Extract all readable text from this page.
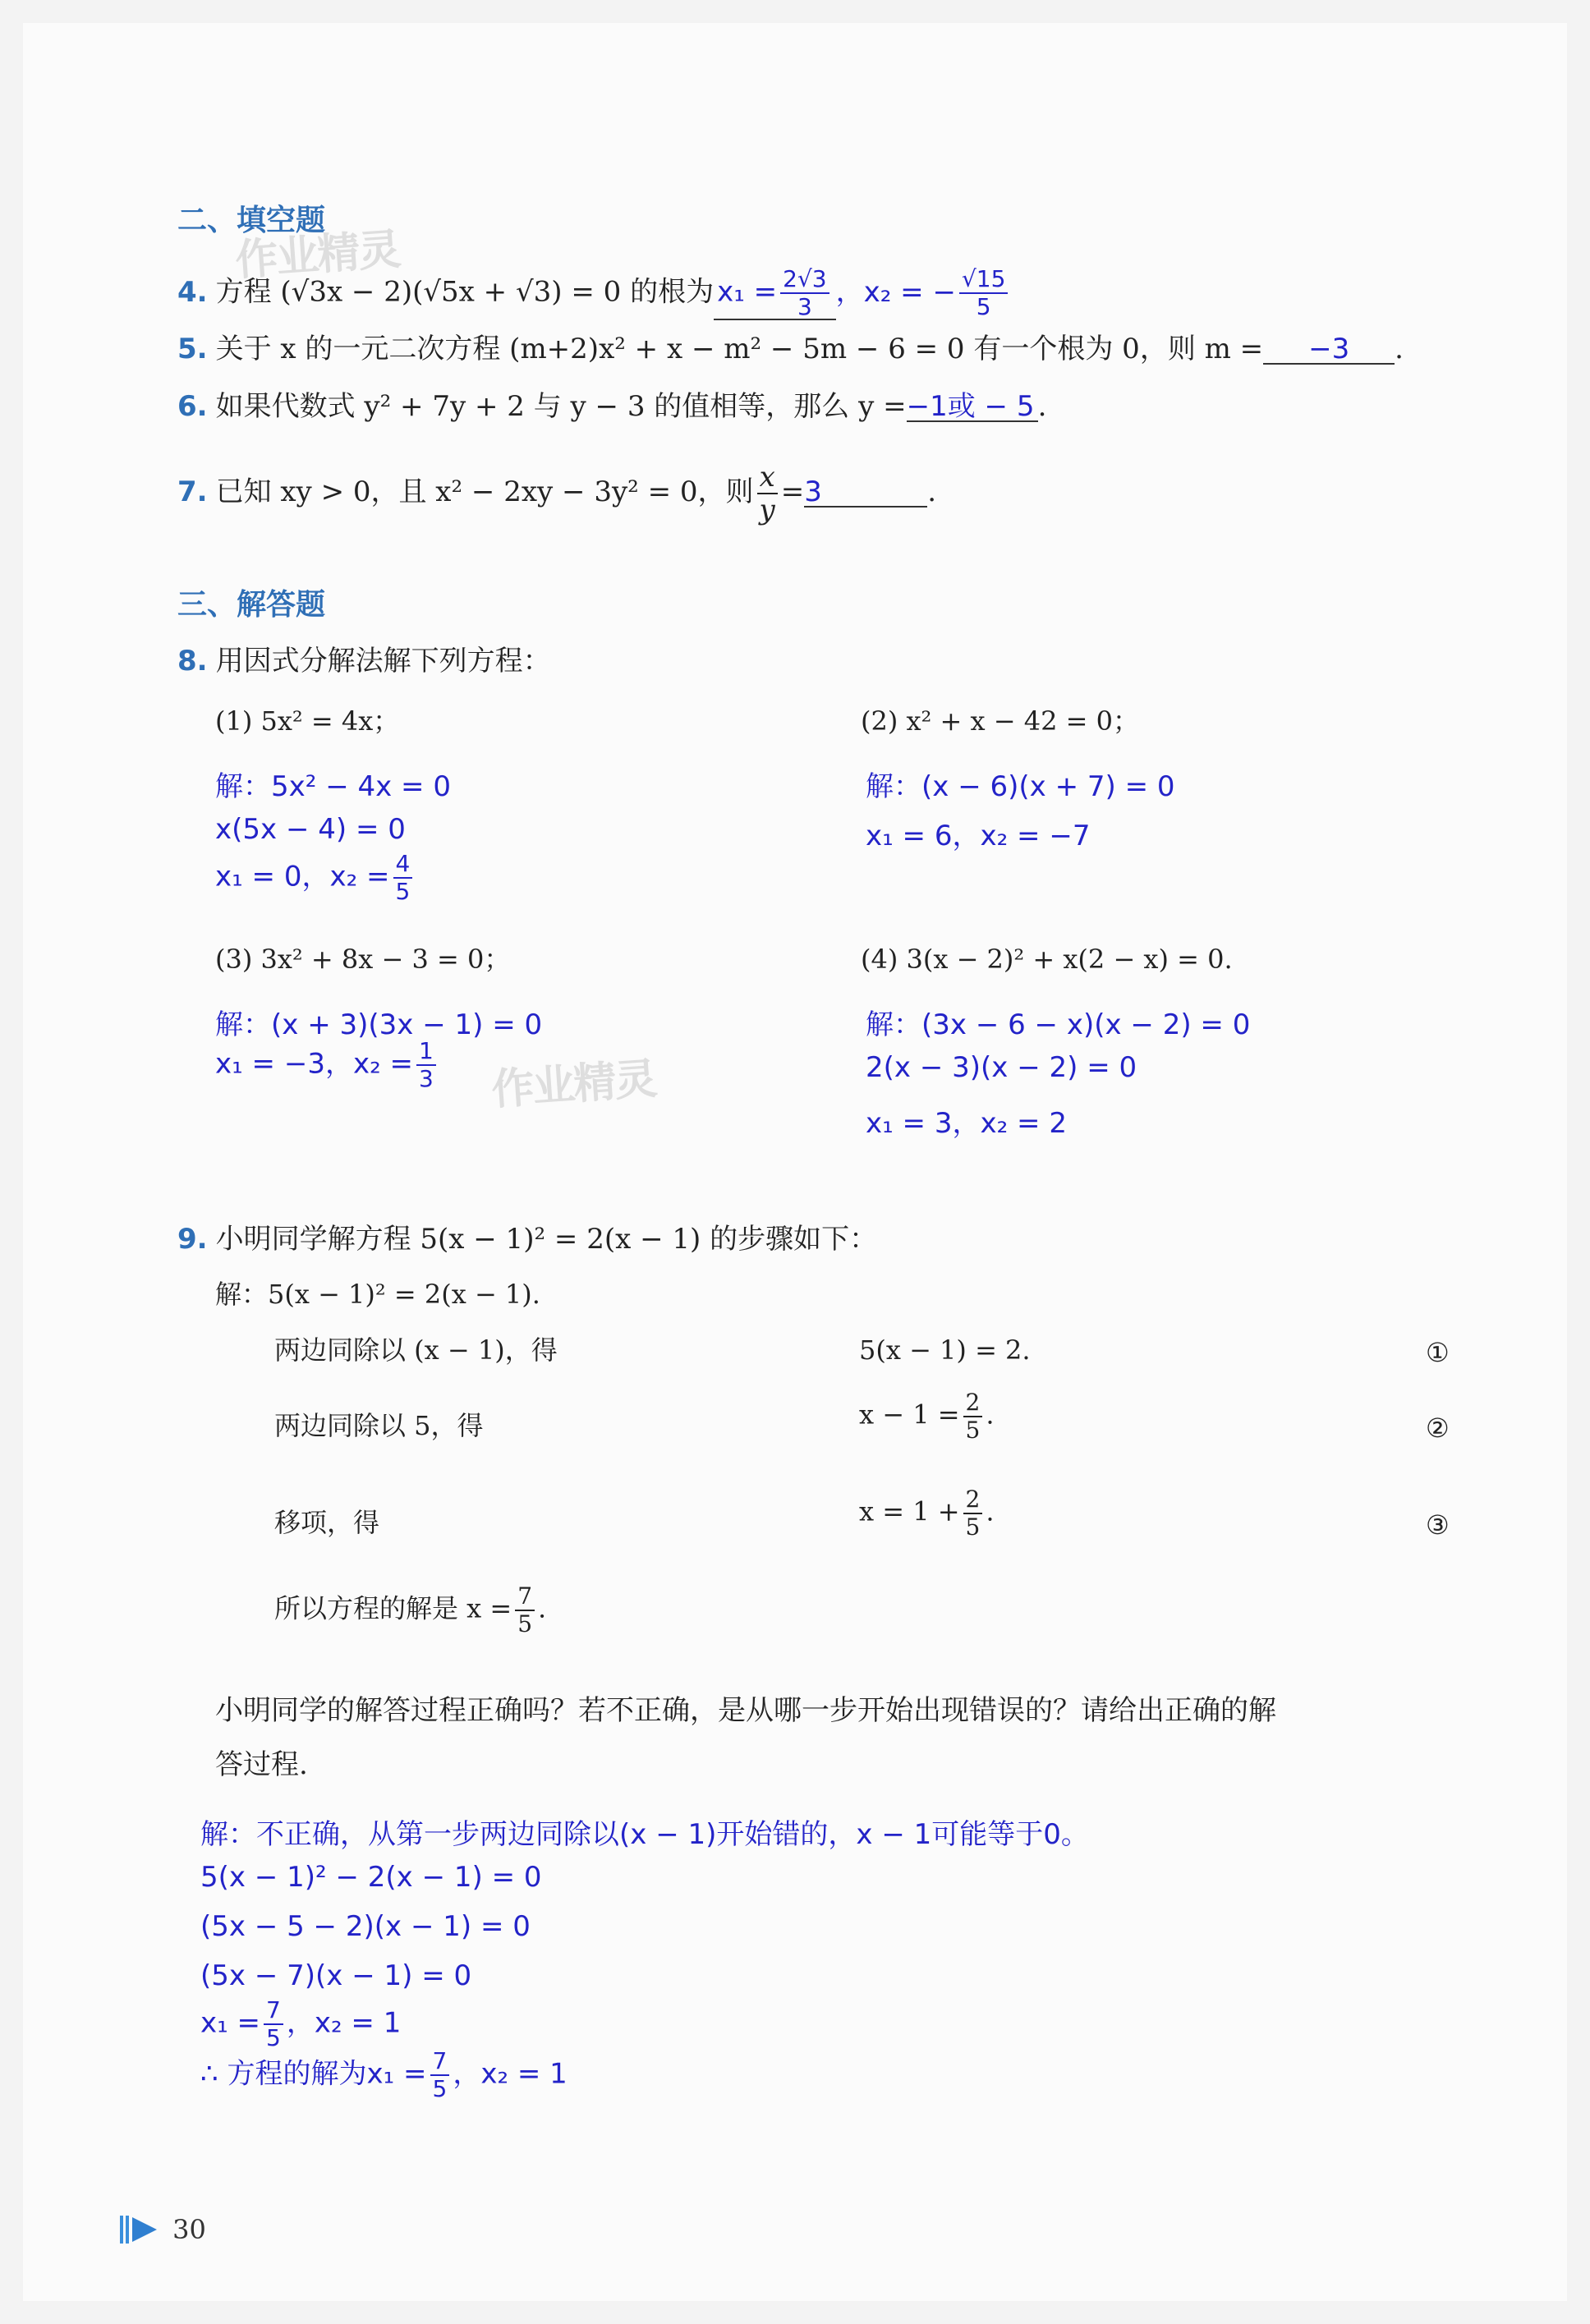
二、填空题
作业精灵
4. 方程 (√3x − 2)(√5x + √3) = 0 的根为 $x_1 = \frac{2√3}{3}$ ，x₂ = − $\frac{√15}{5}$
5. 关于 x 的一元二次方程 (m+2)x² + x − m² − 5m − 6 = 0 有一个根为 0，则 m = −3 .
6. 如果代数式 y² + 7y + 2 与 y − 3 的值相等，那么 y =−1或 − 5 .
7. 已知 xy > 0，且 x² − 2xy − 3y² = 0，则 $\frac{x}{y} =3$	.
三、解答题
8. 用因式分解法解下列方程：
(1) 5x² = 4x；
解：5x² − 4x = 0
x(5x − 4) = 0
x₁ = 0，$x_2 = \frac{4}{5}$
(2) x² + x − 42 = 0；
解：(x − 6)(x + 7) = 0
x₁ = 6，x₂ = −7
(3) 3x² + 8x − 3 = 0；
解：(x + 3)(3x − 1) = 0
x₁ = −3，$x_2 = \frac{1}{3}$ 作业精灵
(4) 3(x − 2)² + x(2 − x) = 0.
解：(3x − 6 − x)(x − 2) = 0
2(x − 3)(x − 2) = 0
x₁ = 3，x₂ = 2
9. 小明同学解方程 5(x − 1)² = 2(x − 1) 的步骤如下：
解：5(x − 1)² = 2(x − 1).
两边同除以 (x − 1)，得	5(x − 1) = 2.	①
两边同除以 5，得	$x - 1 = \frac{2}{5}$ .	②
移项，得	$x = 1 + \frac{2}{5}$ .	③
所以方程的解是 $x = \frac{7}{5}$ .
小明同学的解答过程正确吗？若不正确，是从哪一步开始出现错误的？请给出正确的解
答过程.
解：不正确，从第一步两边同除以(x − 1)开始错的，x − 1可能等于0。
5(x − 1)² − 2(x − 1) = 0
(5x − 5 − 2)(x − 1) = 0
(5x − 7)(x − 1) = 0
$x_1 = \frac{7}{5}$ ，x₂ = 1
∴ 方程的解为$x_1 = \frac{7}{5}$ ，x₂ = 1
30
